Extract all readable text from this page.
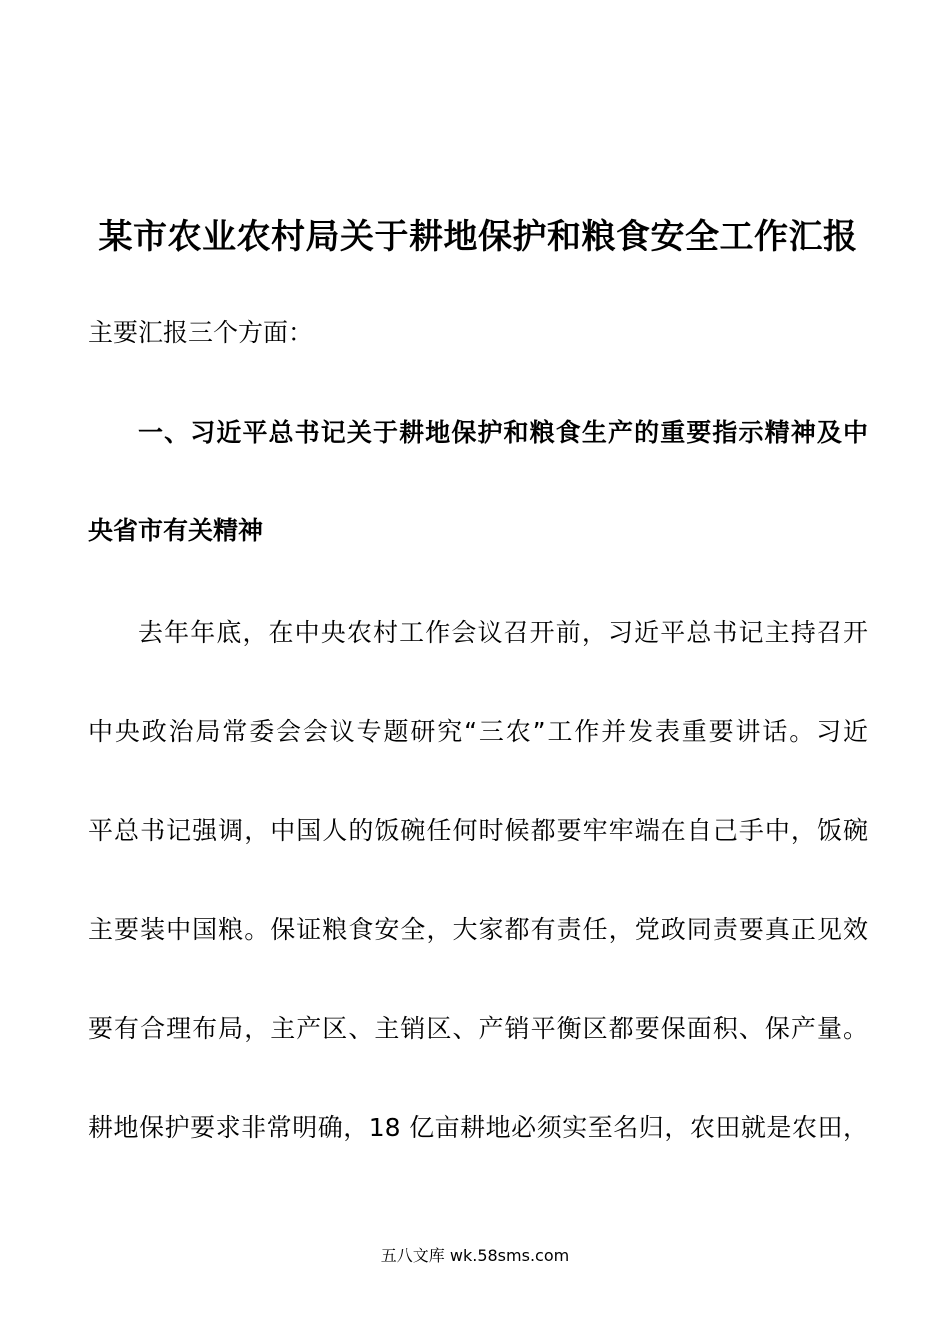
某市农业农村局关于耕地保护和粮食安全工作汇报
主要汇报三个方面：
一、习近平总书记关于耕地保护和粮食生产的重要指示精神及中
央省市有关精神
去年年底，在中央农村工作会议召开前，习近平总书记主持召开
中央政治局常委会会议专题研究“三农”工作并发表重要讲话。习近
平总书记强调，中国人的饭碗任何时候都要牢牢端在自己手中，饭碗
主要装中国粮。保证粮食安全，大家都有责任，党政同责要真正见效
要有合理布局，主产区、主销区、产销平衡区都要保面积、保产量。
耕地保护要求非常明确，18 亿亩耕地必须实至名归，农田就是农田，
五八文库 wk.58sms.com
